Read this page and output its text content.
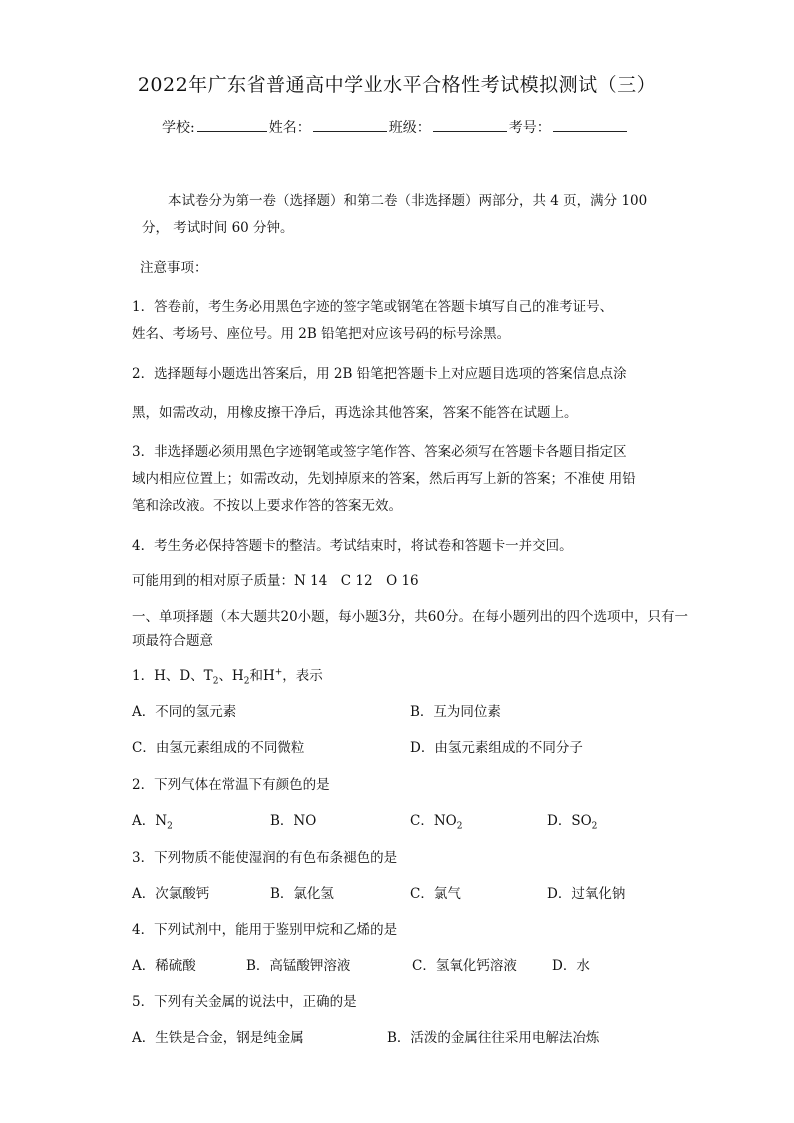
2022年广东省普通高中学业水平合格性考试模拟测试（三）
学校:	姓名：	班级：	考号：
本试卷分为第一卷（选择题）和第二卷（非选择题）两部分，共 4 页，满分 100
分， 考试时间 60 分钟。
注意事项：
1．答卷前，考生务必用黑色字迹的签字笔或钢笔在答题卡填写自己的准考证号、
姓名、考场号、座位号。用 2B 铅笔把对应该号码的标号涂黑。
2．选择题每小题选出答案后，用 2B 铅笔把答题卡上对应题目选项的答案信息点涂
黑，如需改动，用橡皮擦干净后，再选涂其他答案，答案不能答在试题上。
3．非选择题必须用黑色字迹钢笔或签字笔作答、答案必须写在答题卡各题目指定区
域内相应位置上；如需改动，先划掉原来的答案，然后再写上新的答案；不准使 用铅
笔和涂改液。不按以上要求作答的答案无效。
4．考生务必保持答题卡的整洁。考试结束时，将试卷和答题卡一并交回。
可能用到的相对原子质量：N 14　C 12　O 16
一、单项择题（本大题共20小题，每小题3分，共60分。在每小题列出的四个选项中，只有一
项最符合题意
1．H、D、$T_2$、$H_2$和H+，表示
A．不同的氢元素	B．互为同位素
C．由氢元素组成的不同微粒	D．由氢元素组成的不同分子
2．下列气体在常温下有颜色的是
A．$N_2$	B．NO	C．$NO_2$	D．$SO_2$
3．下列物质不能使湿润的有色布条褪色的是
A．次氯酸钙	B．氯化氢	C．氯气	D．过氧化钠
4．下列试剂中，能用于鉴别甲烷和乙烯的是
A．稀硫酸	B．高锰酸钾溶液	C．氢氧化钙溶液	D．水
5．下列有关金属的说法中，正确的是
A．生铁是合金，钢是纯金属	B．活泼的金属往往采用电解法冶炼
